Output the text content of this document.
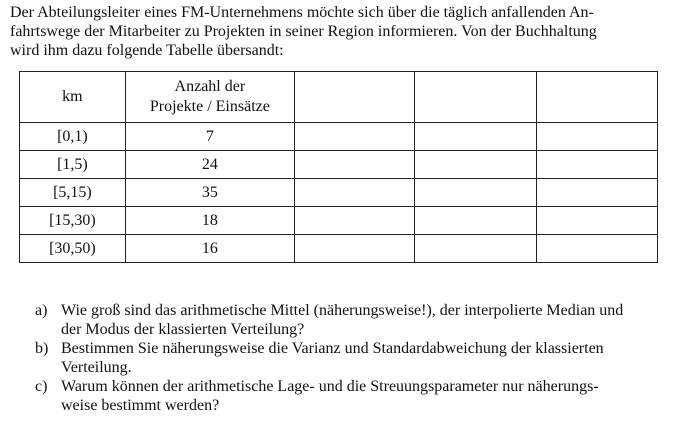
Der Abteilungsleiter eines FM-Unternehmens möchte sich über die täglich anfallenden An-
fahrtswege der Mitarbeiter zu Projekten in seiner Region informieren. Von der Buchhaltung
wird ihm dazu folgende Tabelle übersandt:

km	Anzahl der
Projekte / Einsätze			
[0,1)	7			
[1,5)	24			
[5,15)	35			
[15,30)	18			
[30,50)	16			
a) Wie groß sind das arithmetische Mittel (näherungsweise!), der interpolierte Median und
der Modus der klassierten Verteilung?
b) Bestimmen Sie näherungsweise die Varianz und Standardabweichung der klassierten
Verteilung.
c) Warum können der arithmetische Lage- und die Streuungsparameter nur näherungs-
weise bestimmt werden?
